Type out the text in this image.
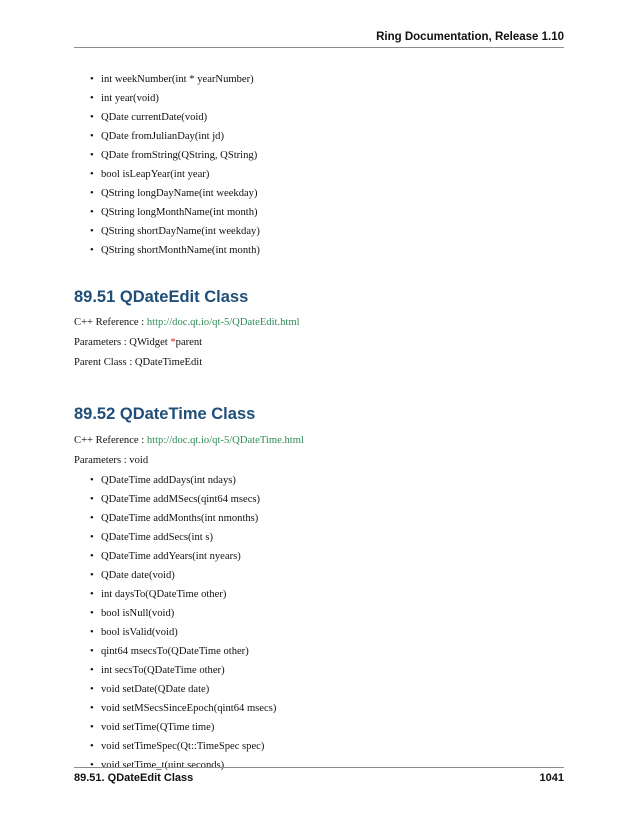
Ring Documentation, Release 1.10
• int weekNumber(int * yearNumber)
• int year(void)
• QDate currentDate(void)
• QDate fromJulianDay(int jd)
• QDate fromString(QString, QString)
• bool isLeapYear(int year)
• QString longDayName(int weekday)
• QString longMonthName(int month)
• QString shortDayName(int weekday)
• QString shortMonthName(int month)
89.51 QDateEdit Class

C++ Reference : http://doc.qt.io/qt-5/QDateEdit.html

Parameters : QWidget *parent

Parent Class : QDateTimeEdit

89.52 QDateTime Class

C++ Reference : http://doc.qt.io/qt-5/QDateTime.html

Parameters : void

• QDateTime addDays(int ndays)
• QDateTime addMSecs(qint64 msecs)
• QDateTime addMonths(int nmonths)
• QDateTime addSecs(int s)
• QDateTime addYears(int nyears)
• QDate date(void)
• int daysTo(QDateTime other)
• bool isNull(void)
• bool isValid(void)
• qint64 msecsTo(QDateTime other)
• int secsTo(QDateTime other)
• void setDate(QDate date)
• void setMSecsSinceEpoch(qint64 msecs)
• void setTime(QTime time)
• void setTimeSpec(Qt::TimeSpec spec)
• void setTime_t(uint seconds)
89.51. QDateEdit Class	1041
